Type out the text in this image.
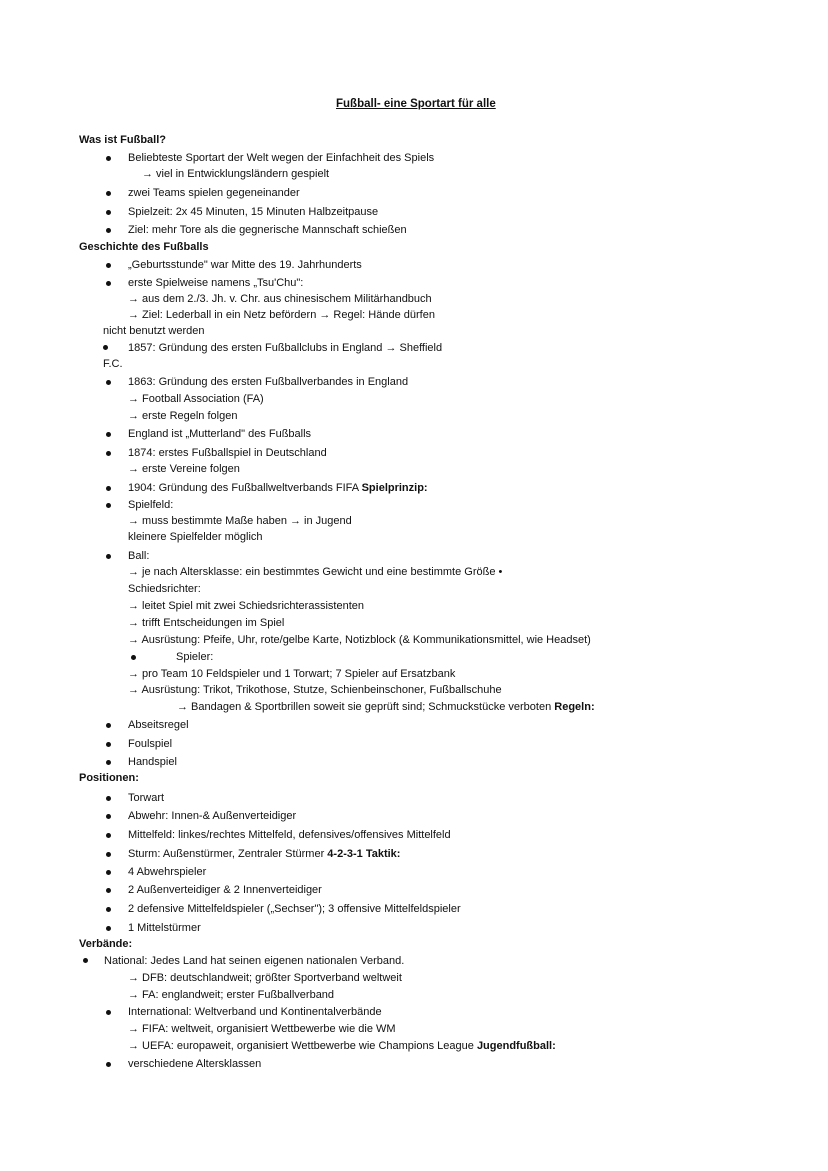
Fußball- eine Sportart für alle
Was ist Fußball?
Beliebteste Sportart der Welt wegen der Einfachheit des Spiels
→ viel in Entwicklungsländern gespielt
zwei Teams spielen gegeneinander
Spielzeit: 2x 45 Minuten, 15 Minuten Halbzeitpause
Ziel: mehr Tore als die gegnerische Mannschaft schießen
Geschichte des Fußballs
„Geburtsstunde" war Mitte des 19. Jahrhunderts
erste Spielweise namens „Tsu'Chu":
→ aus dem 2./3. Jh. v. Chr. aus chinesischem Militärhandbuch
→ Ziel: Lederball in ein Netz befördern → Regel: Hände dürfen
nicht benutzt werden
1857: Gründung des ersten Fußballclubs in England → Sheffield
F.C.
1863: Gründung des ersten Fußballverbandes in England
→ Football Association (FA)
→ erste Regeln folgen
England ist „Mutterland" des Fußballs
1874: erstes Fußballspiel in Deutschland
→ erste Vereine folgen
1904: Gründung des Fußballweltverbands FIFA Spielprinzip:
Spielfeld:
→ muss bestimmte Maße haben → in Jugend
kleinere Spielfelder möglich
Ball:
→ je nach Altersklasse: ein bestimmtes Gewicht und eine bestimmte Größe •
Schiedsrichter:
→ leitet Spiel mit zwei Schiedsrichterassistenten
→ trifft Entscheidungen im Spiel
→ Ausrüstung: Pfeife, Uhr, rote/gelbe Karte, Notizblock (& Kommunikationsmittel, wie Headset)
Spieler:
→ pro Team 10 Feldspieler und 1 Torwart; 7 Spieler auf Ersatzbank
→ Ausrüstung: Trikot, Trikothose, Stutze, Schienbeinschoner, Fußballschuhe
→ Bandagen & Sportbrillen soweit sie geprüft sind; Schmuckstücke verboten Regeln:
Abseitsregel
Foulspiel
Handspiel
Positionen:
Torwart
Abwehr: Innen-& Außenverteidiger
Mittelfeld: linkes/rechtes Mittelfeld, defensives/offensives Mittelfeld
Sturm: Außenstürmer, Zentraler Stürmer 4-2-3-1 Taktik:
4 Abwehrspieler
2 Außenverteidiger & 2 Innenverteidiger
2 defensive Mittelfeldspieler („Sechser"); 3 offensive Mittelfeldspieler
1 Mittelstürmer
Verbände:
National: Jedes Land hat seinen eigenen nationalen Verband.
→ DFB: deutschlandweit; größter Sportverband weltweit
→ FA: englandweit; erster Fußballverband
International: Weltverband und Kontinentalverbände
→ FIFA: weltweit, organisiert Wettbewerbe wie die WM
→ UEFA: europaweit, organisiert Wettbewerbe wie Champions League Jugendfußball:
verschiedene Altersklassen
